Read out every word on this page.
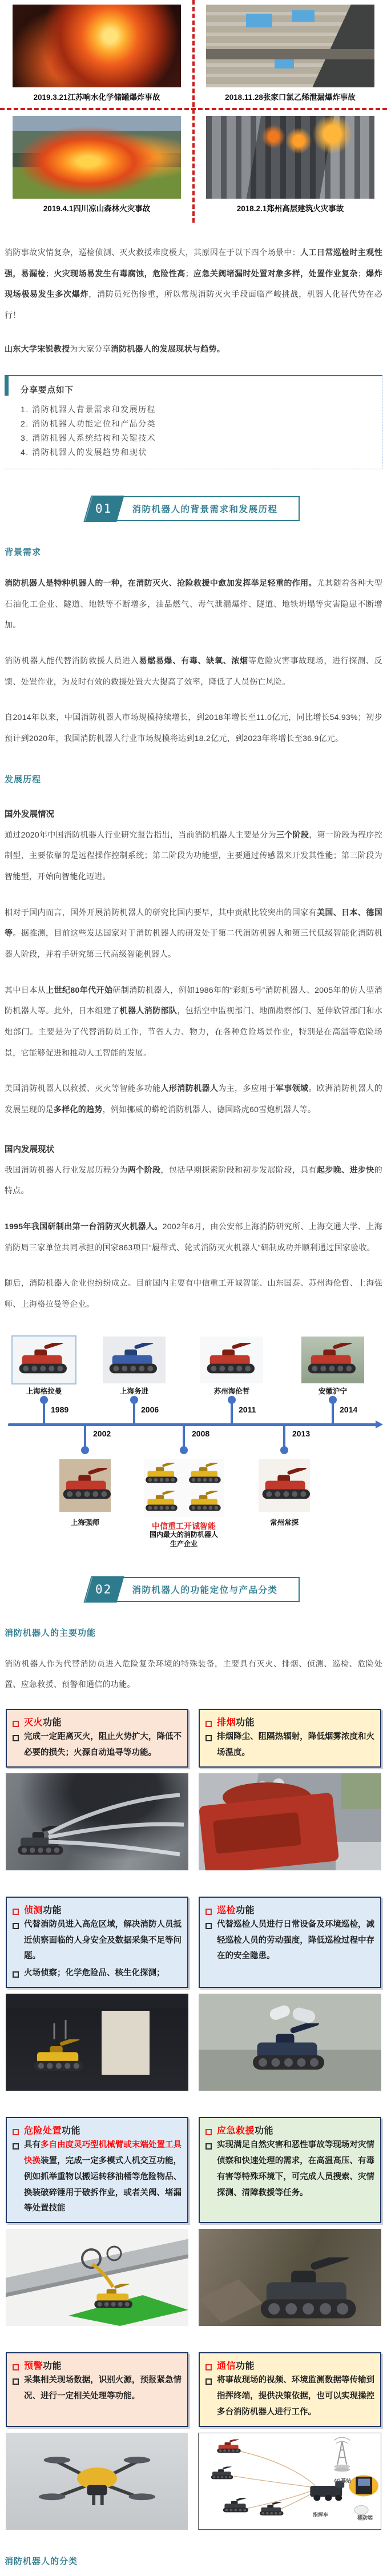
2019.3.21江苏响水化学储罐爆炸事故	2018.11.28张家口氯乙烯泄漏爆炸事故
2019.4.1四川凉山森林火灾事故	2018.2.1郑州高层建筑火灾事故

消防事故灾情复杂，巡检侦测、灭火救援难度极大，其原因在于以下四个场景中：人工日常巡检时主观性强，易漏检；火灾现场易发生有毒腐蚀，危险性高；应急关阀堵漏时处置对象多样，处置作业复杂；爆炸现场极易发生多次爆炸，消防员死伤惨重，所以常规消防灭火手段面临严峻挑战，机器人化替代势在必行！

山东大学宋锐教授为大家分享消防机器人的发展现状与趋势。

分享要点如下
1. 消防机器人背景需求和发展历程
2. 消防机器人功能定位和产品分类
3. 消防机器人系统结构和关键技术
4. 消防机器人的发展趋势和现状
01	消防机器人的背景需求和发展历程
背景需求

消防机器人是特种机器人的一种，在消防灭火、抢险救援中愈加发挥举足轻重的作用。尤其随着各种大型石油化工企业、隧道、地铁等不断增多，油品燃气、毒气泄漏爆炸、隧道、地铁坍塌等灾害隐患不断增加。

消防机器人能代替消防救援人员进入易燃易爆、有毒、缺氧、浓烟等危险灾害事故现场，进行探测、反馈、处置作业，为及时有效的救援处置大大提高了效率，降低了人员伤亡风险。

自2014年以来，中国消防机器人市场规模持续增长，到2018年增长至11.0亿元，同比增长54.93%；初步预计到2020年，我国消防机器人行业市场规模将达到18.2亿元，到2023年将增长至36.9亿元。

发展历程
国外发展情况

通过2020年中国消防机器人行业研究报告指出，当前消防机器人主要是分为三个阶段，第一阶段为程序控制型，主要依靠的是远程操作控制系统；第二阶段为功能型，主要通过传感器来开发其性能；第三阶段为智能型，开始向智能化迈进。

相对于国内而言，国外开展消防机器人的研究比国内要早，其中贡献比较突出的国家有美国、日本、德国等。据推测，目前这些发达国家对于消防机器人的研发处于第二代消防机器人和第三代低级智能化消防机器人阶段，并着手研究第三代高级智能机器人。

其中日本从上世纪80年代开始研制消防机器人，例如1986年的“彩虹5号”消防机器人、2005年的仿人型消防机器人等。此外，日本组建了机器人消防部队，包括空中监视部门、地面勘察部门、延伸软管部门和水炮部门。主要是为了代替消防员工作，节省人力、物力，在各种危险场景作业，特别是在高温等危险场景，它能够促进和推动人工智能的发展。

美国消防机器人以救援、灭火等智能多功能人形消防机器人为主，多应用于军事领域。欧洲消防机器人的发展呈现的是多样化的趋势，例如挪威的蟒蛇消防机器人、德国路虎60雪炮机器人等。

国内发展现状

我国消防机器人行业发展历程分为两个阶段，包括早期探索阶段和初步发展阶段，具有起步晚、进步快的特点。

1995年我国研制出第一台消防灭火机器人。2002年6月，由公安部上海消防研究所、上海交通大学、上海消防局三家单位共同承担的国家863项目“履带式、轮式消防灭火机器人”研制成功并顺利通过国家验收。

随后，消防机器人企业也纷纷成立。目前国内主要有中信重工开诚智能、山东国泰、苏州海伦哲、上海强师、上海格拉曼等企业。

上海格拉曼
1989
上海务进
2006
苏州海伦哲
2011
安徽沪宁
2014
2002
上海强师
2008
中信重工开诚智能
国内最大的消防机器人
生产企业
2013
常州常探
02	消防机器人的功能定位与产品分类
消防机器人的主要功能

消防机器人作为代替消防员进入危险复杂环境的特殊装备，主要具有灭火、排烟、侦测、巡检、危险处置、应急救援、预警和通信的功能。

灭火功能
完成一定距离灭火，阻止火势扩大，降低不必要的损失；火源自动追寻等功能。
排烟功能
排烟降尘、阻隔热辐射，降低烟雾浓度和火场温度。
侦测功能
代替消防员进入高危区域，解决消防人员抵近侦察面临的人身安全及数据采集不足等问题。
火场侦察；化学危险品、核生化探测；
巡检功能
代替巡检人员进行日常设备及环境巡检，减轻巡检人员的劳动强度，降低巡检过程中存在的安全隐患。
危险处置功能
具有多自由度灵巧型机械臂或末端处置工具快换装置，完成一定多模式人机交互功能，例如抓举重物以搬运转移油桶等危险物品、换装破碎锤用于破拆作业，或者关阀、堵漏等处置技能
应急救援功能
实现满足自然灾害和恶性事故等现场对灾情侦察和快速处理的需求，在高温高压、有毒有害等特殊环境下，可完成人员搜索、灾情探测、清障救援等任务。
预警功能
采集相关现场数据，识别火源，预报紧急情况、进行一定相关处理等功能。
通信功能
将事故现场的视频、环境监测数据等传输到指挥终端，提供决策依据，也可以实现操控多台消防机器人进行工作。
4G基站
指挥车	移动端
消防机器人的分类
